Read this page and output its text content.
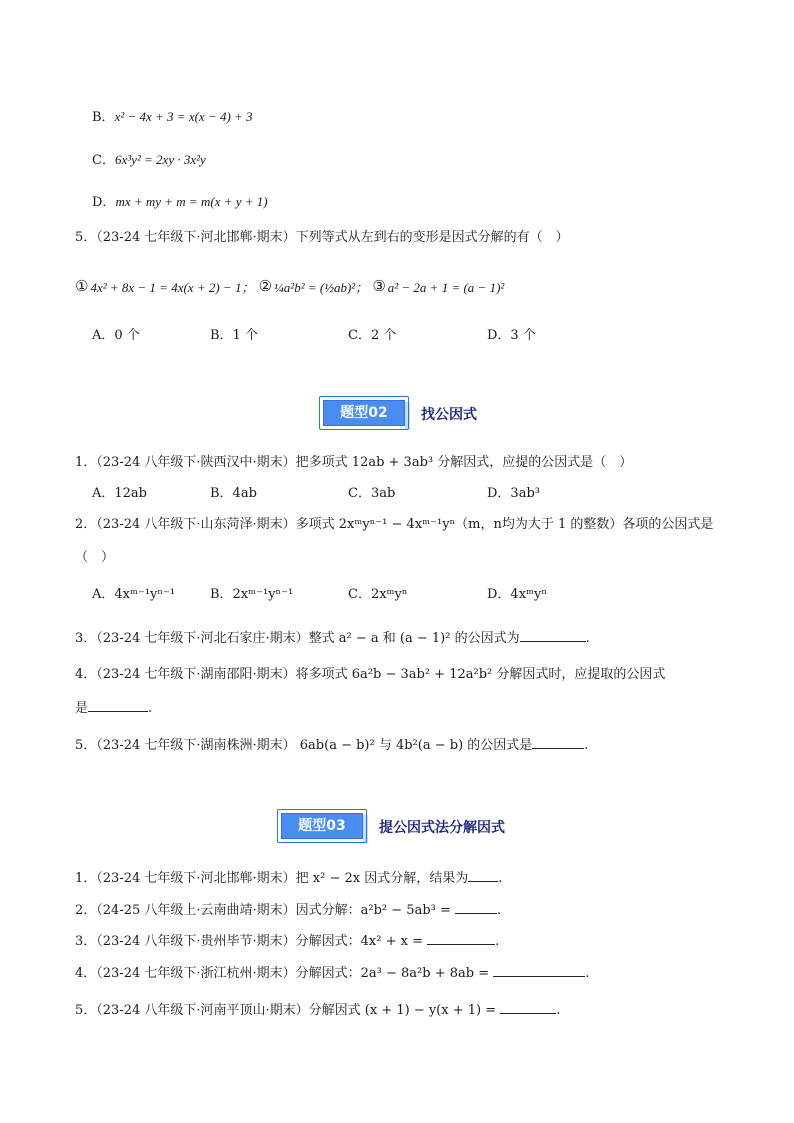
B．x² − 4x + 3 = x(x − 4) + 3
C．6x³y² = 2xy · 3x²y
D．mx + my + m = m(x + y + 1)
5．（23-24 七年级下·河北邯郸·期末）下列等式从左到右的变形是因式分解的有（　）
① 4x² + 8x − 1 = 4x(x + 2) − 1； ② ¼a²b² = (½ab)²； ③ a² − 2a + 1 = (a − 1)²
A．0 个	B．1 个	C．2 个	D．3 个
题型02	找公因式
1．（23-24 八年级下·陕西汉中·期末）把多项式 12ab + 3ab³ 分解因式，应提的公因式是（　）
A．12ab	B．4ab	C．3ab	D．3ab³
2．（23-24 八年级下·山东菏泽·期末）多项式 2xᵐyⁿ⁻¹ − 4xᵐ⁻¹yⁿ（m，n均为大于 1 的整数）各项的公因式是
（　）
A．4xᵐ⁻¹yⁿ⁻¹	B．2xᵐ⁻¹yⁿ⁻¹	C．2xᵐyⁿ	D．4xᵐyⁿ
3．（23-24 七年级下·河北石家庄·期末）整式 a² − a 和 (a − 1)² 的公因式为	.
4．（23-24 七年级下·湖南邵阳·期末）将多项式 6a²b − 3ab² + 12a²b² 分解因式时，应提取的公因式
是	.
5．（23-24 七年级下·湖南株洲·期末） 6ab(a − b)² 与 4b²(a − b) 的公因式是	.
题型03	提公因式法分解因式
1．（23-24 七年级下·河北邯郸·期末）把 x² − 2x 因式分解，结果为 .
2．（24-25 八年级上·云南曲靖·期末）因式分解：a²b² − 5ab³ =	.
3．（23-24 八年级下·贵州毕节·期末）分解因式：4x² + x =	.
4．（23-24 七年级下·浙江杭州·期末）分解因式：2a³ − 8a²b + 8ab =	.
5．（23-24 八年级下·河南平顶山·期末）分解因式 (x + 1) − y(x + 1) =	.
